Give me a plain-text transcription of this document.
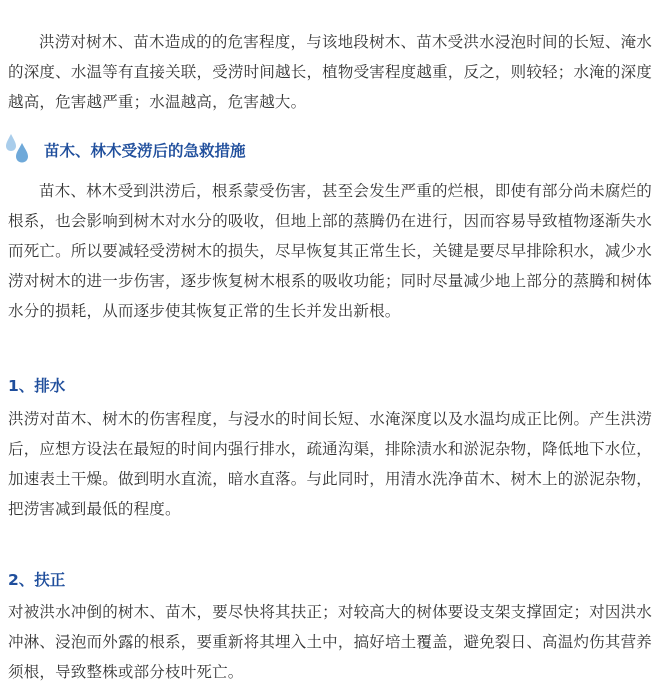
洪涝对树木、苗木造成的的危害程度，与该地段树木、苗木受洪水浸泡时间的长短、淹水的深度、水温等有直接关联，受涝时间越长，植物受害程度越重，反之，则较轻；水淹的深度越高，危害越严重；水温越高，危害越大。

苗木、林木受涝后的急救措施

苗木、林木受到洪涝后，根系蒙受伤害，甚至会发生严重的烂根，即使有部分尚未腐烂的根系，也会影响到树木对水分的吸收，但地上部的蒸腾仍在进行，因而容易导致植物逐渐失水而死亡。所以要减轻受涝树木的损失，尽早恢复其正常生长，关键是要尽早排除积水，减少水涝对树木的进一步伤害，逐步恢复树木根系的吸收功能；同时尽量减少地上部分的蒸腾和树体水分的损耗，从而逐步使其恢复正常的生长并发出新根。

1、排水

洪涝对苗木、树木的伤害程度，与浸水的时间长短、水淹深度以及水温均成正比例。产生洪涝后，应想方设法在最短的时间内强行排水，疏通沟渠，排除渍水和淤泥杂物，降低地下水位，加速表土干燥。做到明水直流，暗水直落。与此同时，用清水洗净苗木、树木上的淤泥杂物，把涝害减到最低的程度。

2、扶正

对被洪水冲倒的树木、苗木，要尽快将其扶正；对较高大的树体要设支架支撑固定；对因洪水冲淋、浸泡而外露的根系，要重新将其埋入土中，搞好培土覆盖，避免裂日、高温灼伤其营养须根，导致整株或部分枝叶死亡。
